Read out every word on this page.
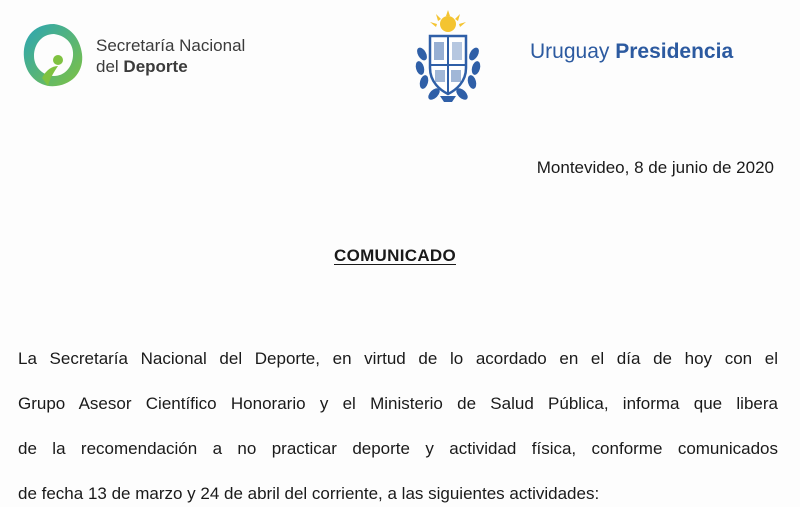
Secretaría Nacional
del Deporte
Uruguay Presidencia
Montevideo, 8 de junio de 2020
COMUNICADO
La Secretaría Nacional del Deporte, en virtud de lo acordado en el día de hoy con el
Grupo Asesor Científico Honorario y el Ministerio de Salud Pública, informa que libera
de la recomendación a no practicar deporte y actividad física, conforme comunicados
de fecha 13 de marzo y 24 de abril del corriente, a las siguientes actividades:
